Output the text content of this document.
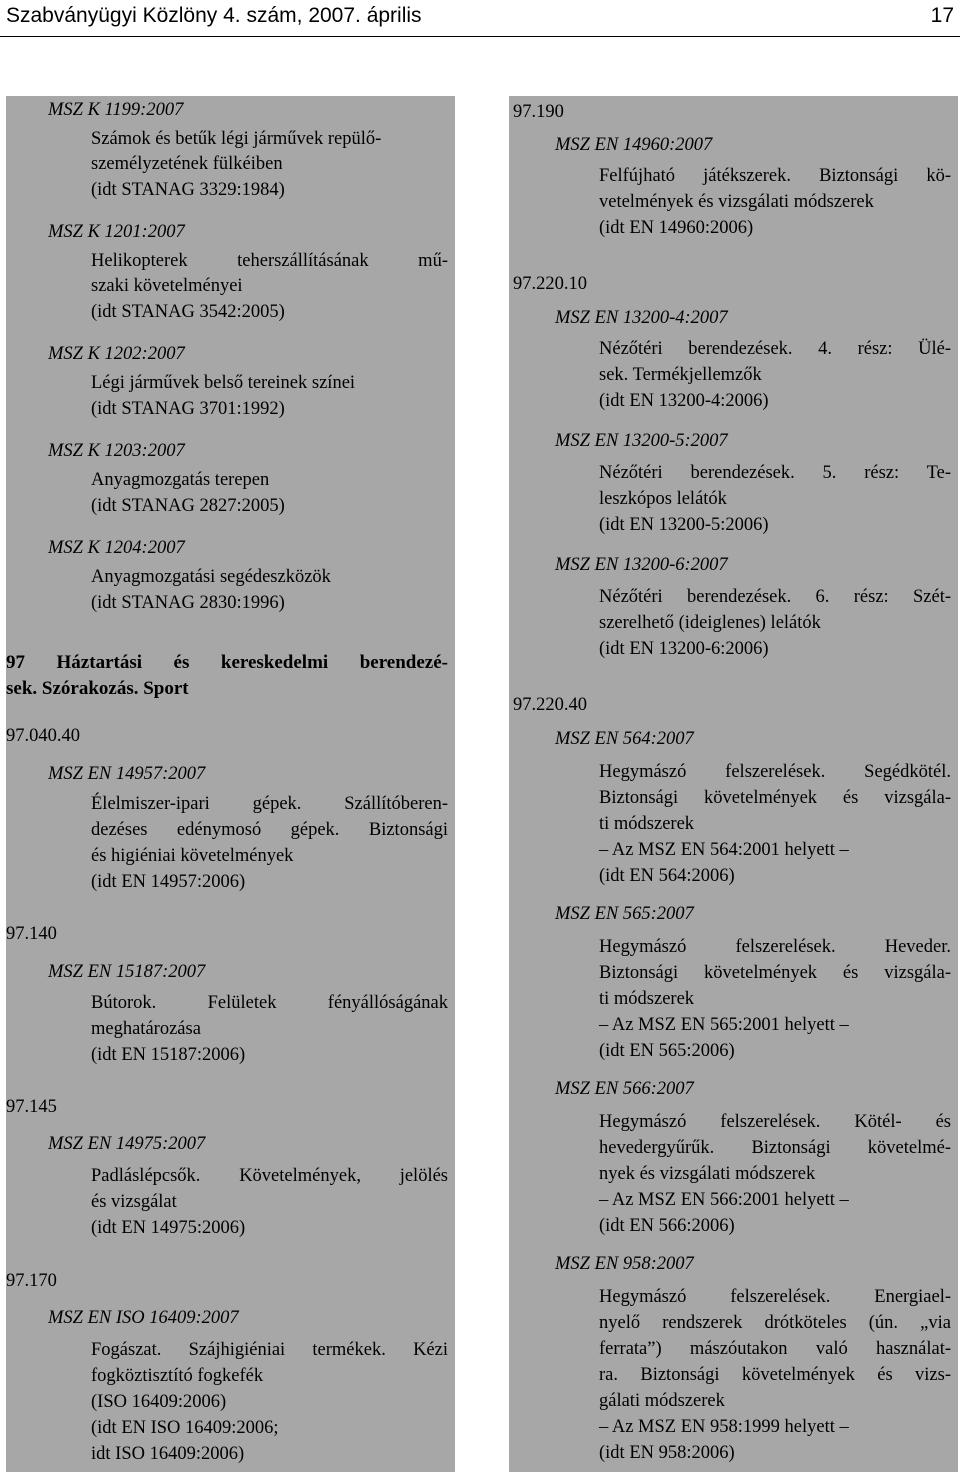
Szabványügyi Közlöny 4. szám, 2007. április	17
MSZ K 1199:2007
Számok és betűk légi járművek repülő-
személyzetének fülkéiben
(idt STANAG 3329:1984)
MSZ K 1201:2007
Helikopterek teherszállításának mű-
szaki követelményei
(idt STANAG 3542:2005)
MSZ K 1202:2007
Légi járművek belső tereinek színei
(idt STANAG 3701:1992)
MSZ K 1203:2007
Anyagmozgatás terepen
(idt STANAG 2827:2005)
MSZ K 1204:2007
Anyagmozgatási segédeszközök
(idt STANAG 2830:1996)
97 Háztartási és kereskedelmi berendezé-
sek. Szórakozás. Sport
97.040.40
MSZ EN 14957:2007
Élelmiszer-ipari gépek. Szállítóberen-
dezéses edénymosó gépek. Biztonsági
és higiéniai követelmények
(idt EN 14957:2006)
97.140
MSZ EN 15187:2007
Bútorok. Felületek fényállóságának
meghatározása
(idt EN 15187:2006)
97.145
MSZ EN 14975:2007
Padláslépcsők. Követelmények, jelölés
és vizsgálat
(idt EN 14975:2006)
97.170
MSZ EN ISO 16409:2007
Fogászat. Szájhigiéniai termékek. Kézi
fogköztisztító fogkefék
(ISO 16409:2006)
(idt EN ISO 16409:2006;
idt ISO 16409:2006)
97.190
MSZ EN 14960:2007
Felfújható játékszerek. Biztonsági kö-
vetelmények és vizsgálati módszerek
(idt EN 14960:2006)
97.220.10
MSZ EN 13200-4:2007
Nézőtéri berendezések. 4. rész: Ülé-
sek. Termékjellemzők
(idt EN 13200-4:2006)
MSZ EN 13200-5:2007
Nézőtéri berendezések. 5. rész: Te-
leszkópos lelátók
(idt EN 13200-5:2006)
MSZ EN 13200-6:2007
Nézőtéri berendezések. 6. rész: Szét-
szerelhető (ideiglenes) lelátók
(idt EN 13200-6:2006)
97.220.40
MSZ EN 564:2007
Hegymászó felszerelések. Segédkötél.
Biztonsági követelmények és vizsgála-
ti módszerek
– Az MSZ EN 564:2001 helyett –
(idt EN 564:2006)
MSZ EN 565:2007
Hegymászó felszerelések. Heveder.
Biztonsági követelmények és vizsgála-
ti módszerek
– Az MSZ EN 565:2001 helyett –
(idt EN 565:2006)
MSZ EN 566:2007
Hegymászó felszerelések. Kötél- és
hevedergyűrűk. Biztonsági követelmé-
nyek és vizsgálati módszerek
– Az MSZ EN 566:2001 helyett –
(idt EN 566:2006)
MSZ EN 958:2007
Hegymászó felszerelések. Energiael-
nyelő rendszerek drótköteles (ún. „via
ferrata”) mászóutakon való használat-
ra. Biztonsági követelmények és vizs-
gálati módszerek
– Az MSZ EN 958:1999 helyett –
(idt EN 958:2006)
